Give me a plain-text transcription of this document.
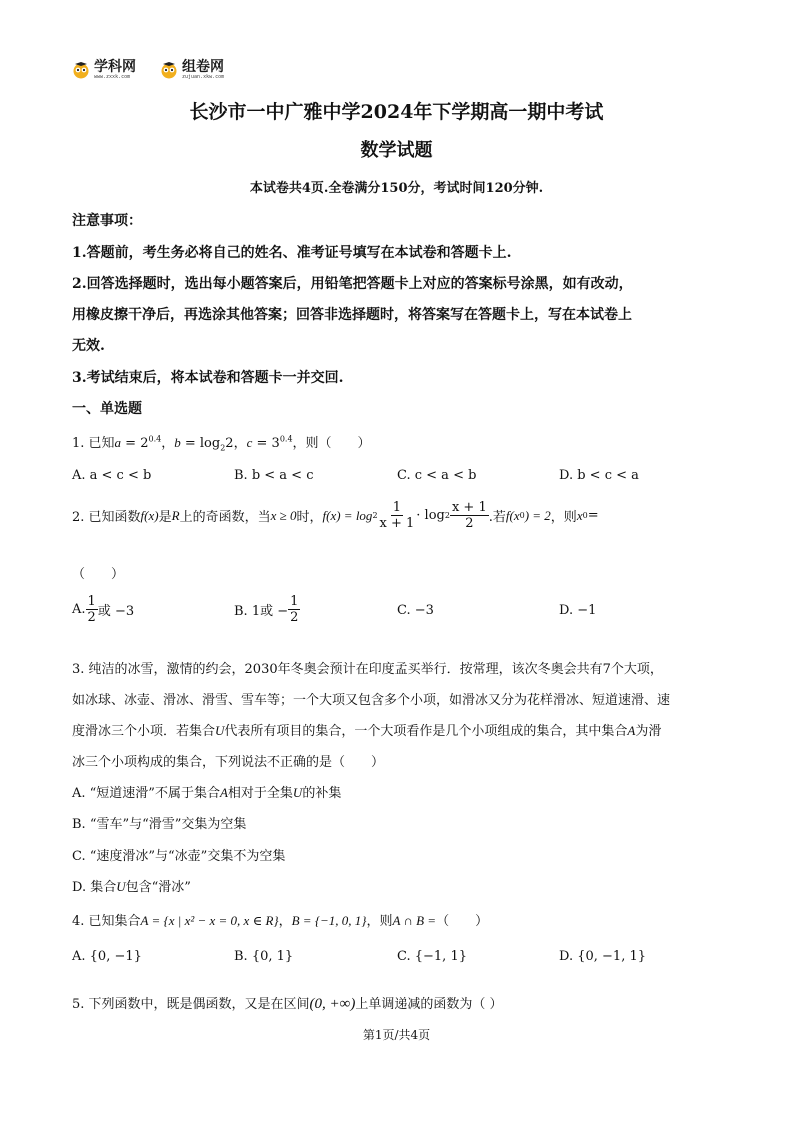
学科网
www.zxxk.com
组卷网
zujuan.xkw.com
长沙市一中广雅中学2024年下学期高一期中考试
数学试题
本试卷共4页.全卷满分150分，考试时间120分钟.
注意事项：
1.答题前，考生务必将自己的姓名、准考证号填写在本试卷和答题卡上.
2.回答选择题时，选出每小题答案后，用铅笔把答题卡上对应的答案标号涂黑，如有改动，
用橡皮擦干净后，再选涂其他答案；回答非选择题时，将答案写在答题卡上，写在本试卷上
无效.
3.考试结束后，将本试卷和答题卡一并交回.
一、单选题
1. 已知$a = 2^{0.4}$，$b = \log_22$，$c = 3^{0.4}$，则（　　）
A. a < c < b	B. b < a < c	C. c < a < b	D. b < c < a
2. 已知函数 f(x) 是 R 上的奇函数，当 x ≥ 0 时， $f(x) = \log 2 \frac{1}{x + 1} \cdot \log 2 \frac{x + 1}{2}$ .若 f(x 0 ) = 2 ，则 x 0 =
（　　）
A. $\frac{1}{2}$ 或 −3	B. 1或 − $\frac{1}{2}$	C. −3	D. −1
3. 纯洁的冰雪，激情的约会，2030年冬奥会预计在印度孟买举行．按常理，该次冬奥会共有7个大项，
如冰球、冰壶、滑冰、滑雪、雪车等；一个大项又包含多个小项，如滑冰又分为花样滑冰、短道速滑、速
度滑冰三个小项．若集合U代表所有项目的集合，一个大项看作是几个小项组成的集合，其中集合A为滑
冰三个小项构成的集合，下列说法不正确的是（　　）
A. “短道速滑”不属于集合A相对于全集U的补集
B. “雪车”与“滑雪”交集为空集
C. “速度滑冰”与“冰壶”交集不为空集
D. 集合U包含“滑冰”
4. 已知集合A = {x | x² − x = 0, x ∈ R}，B = {−1, 0, 1}，则A ∩ B =（　　）
A. {0, −1}	B. {0, 1}	C. {−1, 1}	D. {0, −1, 1}
5. 下列函数中，既是偶函数，又是在区间(0, +∞)上单调递减的函数为（ ）
第1页/共4页
